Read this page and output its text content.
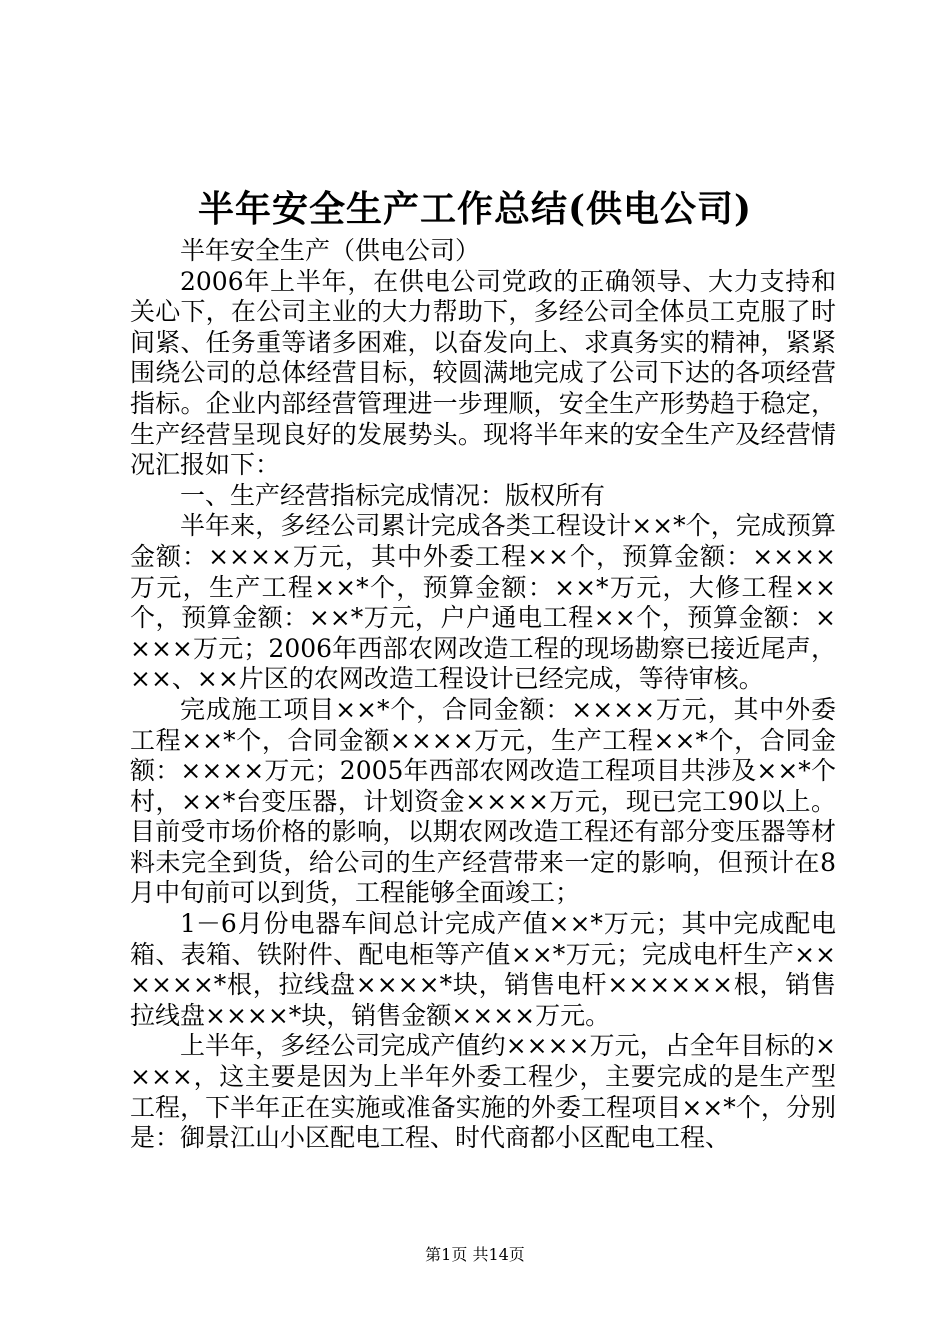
半年安全生产工作总结(供电公司)

半年安全生产（供电公司）

2006年上半年，在供电公司党政的正确领导、大力支持和关心下，在公司主业的大力帮助下，多经公司全体员工克服了时间紧、任务重等诸多困难，以奋发向上、求真务实的精神，紧紧围绕公司的总体经营目标，较圆满地完成了公司下达的各项经营指标。企业内部经营管理进一步理顺，安全生产形势趋于稳定，生产经营呈现良好的发展势头。现将半年来的安全生产及经营情况汇报如下：

一、生产经营指标完成情况：版权所有

半年来，多经公司累计完成各类工程设计××*个，完成预算金额：××××万元，其中外委工程××个，预算金额：××××万元，生产工程××*个，预算金额：××*万元，大修工程××个，预算金额：××*万元，户户通电工程××个，预算金额：××××万元；2006年西部农网改造工程的现场勘察已接近尾声，××、××片区的农网改造工程设计已经完成，等待审核。

完成施工项目××*个，合同金额：××××万元，其中外委工程××*个，合同金额××××万元，生产工程××*个，合同金额：××××万元；2005年西部农网改造工程项目共涉及××*个村，××*台变压器，计划资金××××万元，现已完工90以上。目前受市场价格的影响，以期农网改造工程还有部分变压器等材料未完全到货，给公司的生产经营带来一定的影响，但预计在8月中旬前可以到货，工程能够全面竣工；

1－6月份电器车间总计完成产值××*万元；其中完成配电箱、表箱、铁附件、配电柜等产值××*万元；完成电杆生产××××××*根，拉线盘××××*块，销售电杆××××××根，销售拉线盘××××*块，销售金额××××万元。

上半年，多经公司完成产值约××××万元，占全年目标的××××，这主要是因为上半年外委工程少，主要完成的是生产型工程，下半年正在实施或准备实施的外委工程项目××*个，分别是：御景江山小区配电工程、时代商都小区配电工程、

第1页 共14页
